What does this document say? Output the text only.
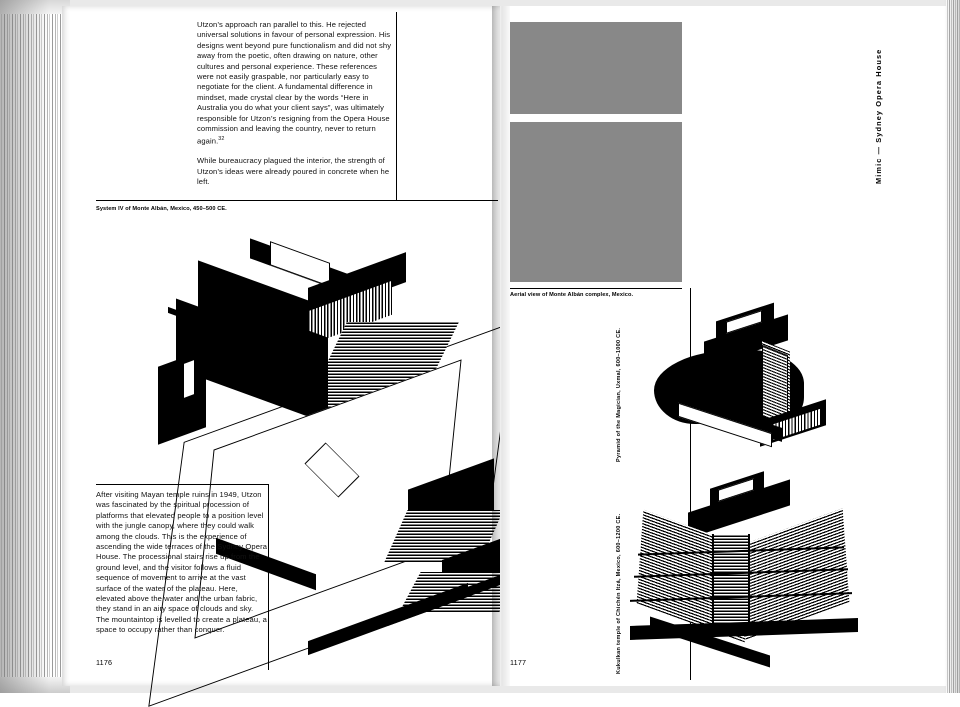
Utzon’s approach ran parallel to this. He rejected universal solutions in favour of personal expression. His designs went beyond pure functionalism and did not shy away from the poetic, often drawing on nature, other cultures and personal experience. These references were not easily graspable, nor particularly easy to negotiate for the client. A fundamental difference in mindset, made crystal clear by the words “Here in Australia you do what your client says”, was ultimately responsible for Utzon’s resigning from the Opera House commission and leaving the country, never to return again.$^{32}$

While bureaucracy plagued the interior, the strength of Utzon’s ideas were already poured in concrete when he left.

System IV of Monte Albán, Mexico, 450–500 CE.
After visiting Mayan temple ruins in 1949, Utzon was fascinated by the spiritual procession of platforms that elevated people to a position level with the jungle canopy, where they could walk among the clouds. This is the experience of ascending the wide terraces of the Sydney Opera House. The processional stairs rise up from the ground level, and the visitor follows a fluid sequence of movement to arrive at the vast surface of the water of the plateau. Here, elevated above the water and the urban fabric, they stand in an airy space of clouds and sky. The mountaintop is levelled to create a plateau, a space to occupy rather than conquer.
1176
Aerial view of Monte Albán complex, Mexico.
Mimic — Sydney Opera House
Pyramid of the Magician, Uxmal, 600–1000 CE.
Kukulkan temple of Chichén Itzá, Mexico, 600–1200 CE.
1177
